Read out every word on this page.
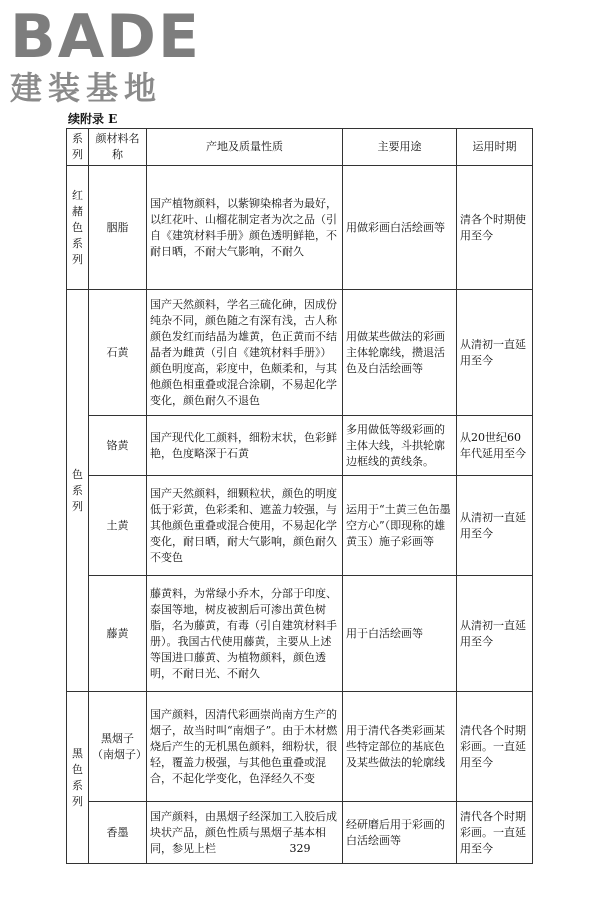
BADE
建装基地
续附录 E
系列	颜材料名称	产地及质量性质	主要用途	运用时期
红赭色系列	胭脂	国产植物颜料，以紫铆染棉者为最好，以红花叶、山榴花制定者为次之品（引自《建筑材料手册》颜色透明鲜艳，不耐日晒，不耐大气影响，不耐久	用做彩画白活绘画等	清各个时期使用至今
色系列	石黄	国产天然颜料，学名三硫化砷，因成份纯杂不同，颜色随之有深有浅，古人称颜色发红而结晶为雄黄，色正黄而不结晶者为雌黄（引自《建筑材料手册》）颜色明度高，彩度中，色颇柔和，与其他颜色相重叠或混合涂刷，不易起化学变化，颜色耐久不退色	用做某些做法的彩画主体轮廓线，攒退活色及白活绘画等	从清初一直延用至今
	铬黄	国产现代化工颜料，细粉末状，色彩鲜艳，色度略深于石黄	多用做低等级彩画的主体大线，斗拱轮廓边框线的黄线条。	从20世纪60年代延用至今
	土黄	国产天然颜料，细颗粒状，颜色的明度低于彩黄，色彩柔和、遮盖力较强，与其他颜色重叠或混合使用，不易起化学变化，耐日晒，耐大气影响，颜色耐久不变色	运用于“土黄三色缶墨空方心”（即现称的雄黄玉）施子彩画等	从清初一直延用至今
	藤黄	藤黄料，为常绿小乔木，分部于印度、泰国等地，树皮被割后可渗出黄色树脂，名为藤黄，有毒（引自建筑材料手册）。我国古代使用藤黄，主要从上述等国进口藤黄、为植物颜料，颜色透明，不耐日光、不耐久	用于白活绘画等	从清初一直延用至今
黑色系列	黑烟子（南烟子）	国产颜料，因清代彩画崇尚南方生产的烟子，故当时叫“南烟子”。由于木材燃烧后产生的无机黑色颜料，细粉状，很轻，覆盖力极强，与其他色重叠或混合，不起化学变化，色泽经久不变	用于清代各类彩画某些特定部位的基底色及某些做法的轮廓线	清代各个时期彩画。一直延用至今
	香墨	国产颜料，由黑烟子经深加工入胶后成块状产品，颜色性质与黑烟子基本相同，参见上栏	经研磨后用于彩画的白活绘画等	清代各个时期彩画。一直延用至今
329
